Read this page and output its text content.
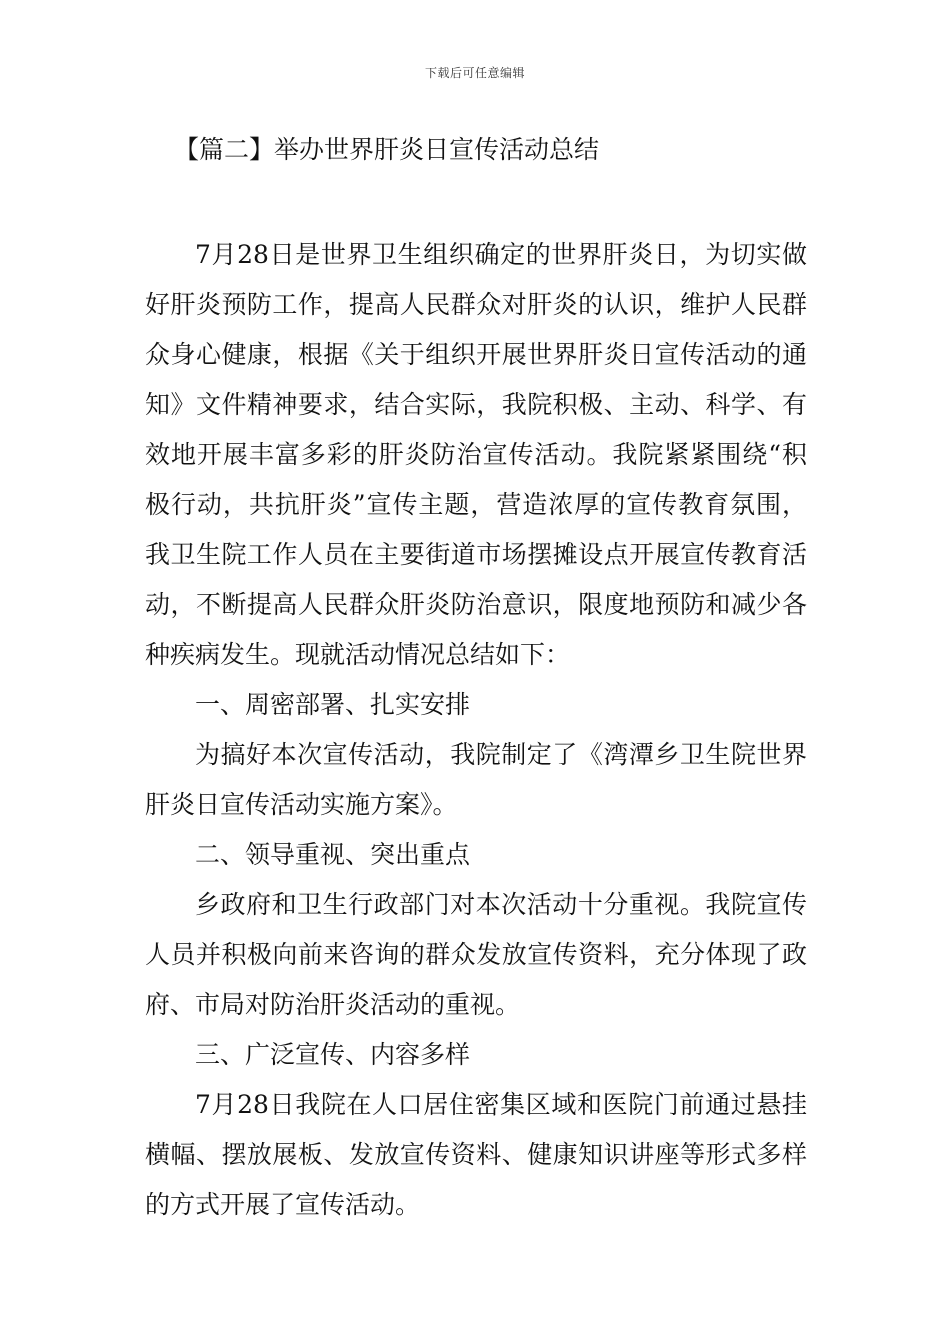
下载后可任意编辑
【篇二】举办世界肝炎日宣传活动总结

7月28日是世界卫生组织确定的世界肝炎日，为切实做好肝炎预防工作，提高人民群众对肝炎的认识，维护人民群众身心健康，根据《关于组织开展世界肝炎日宣传活动的通知》文件精神要求，结合实际，我院积极、主动、科学、有效地开展丰富多彩的肝炎防治宣传活动。我院紧紧围绕“积极行动，共抗肝炎”宣传主题，营造浓厚的宣传教育氛围，我卫生院工作人员在主要街道市场摆摊设点开展宣传教育活动，不断提高人民群众肝炎防治意识，限度地预防和减少各种疾病发生。现就活动情况总结如下：

一、周密部署、扎实安排

为搞好本次宣传活动，我院制定了《湾潭乡卫生院世界肝炎日宣传活动实施方案》。

二、领导重视、突出重点

乡政府和卫生行政部门对本次活动十分重视。我院宣传人员并积极向前来咨询的群众发放宣传资料，充分体现了政府、市局对防治肝炎活动的重视。

三、广泛宣传、内容多样

7月28日我院在人口居住密集区域和医院门前通过悬挂横幅、摆放展板、发放宣传资料、健康知识讲座等形式多样的方式开展了宣传活动。
